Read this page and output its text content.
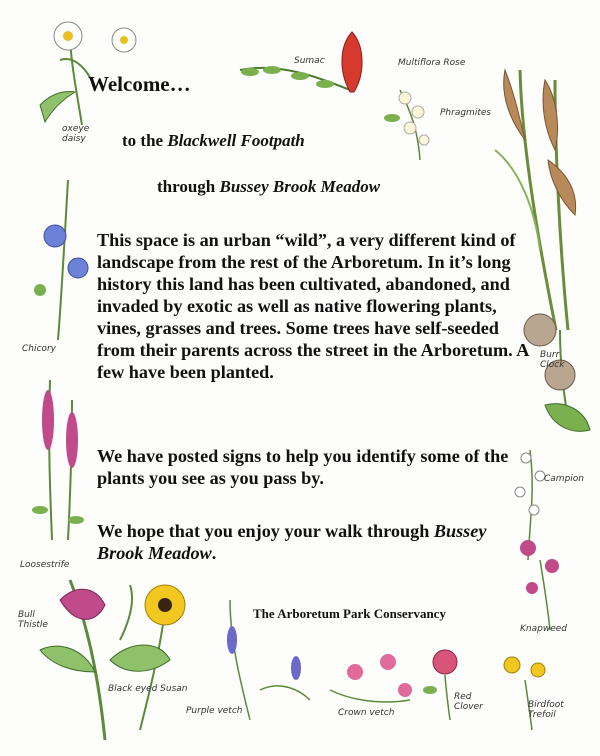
oxeye daisy
Sumac	Multiflora Rose
Phragmites
Chicory
Burr Clock
Campion
Loosestrife
Knapweed
Bull Thistle
Black eyed Susan
Purple vetch	Crown vetch
Red Clover	Birdfoot Trefoil
Welcome…
to the Blackwell Footpath
through Bussey Brook Meadow
This space is an urban “wild”, a very different kind of landscape from the rest of the Arboretum. In it’s long history this land has been cultivated, abandoned, and invaded by exotic as well as native flowering plants, vines, grasses and trees. Some trees have self-seeded from their parents across the street in the Arboretum. A few have been planted.
We have posted signs to help you identify some of the plants you see as you pass by.
We hope that you enjoy your walk through Bussey Brook Meadow.
The Arboretum Park Conservancy
